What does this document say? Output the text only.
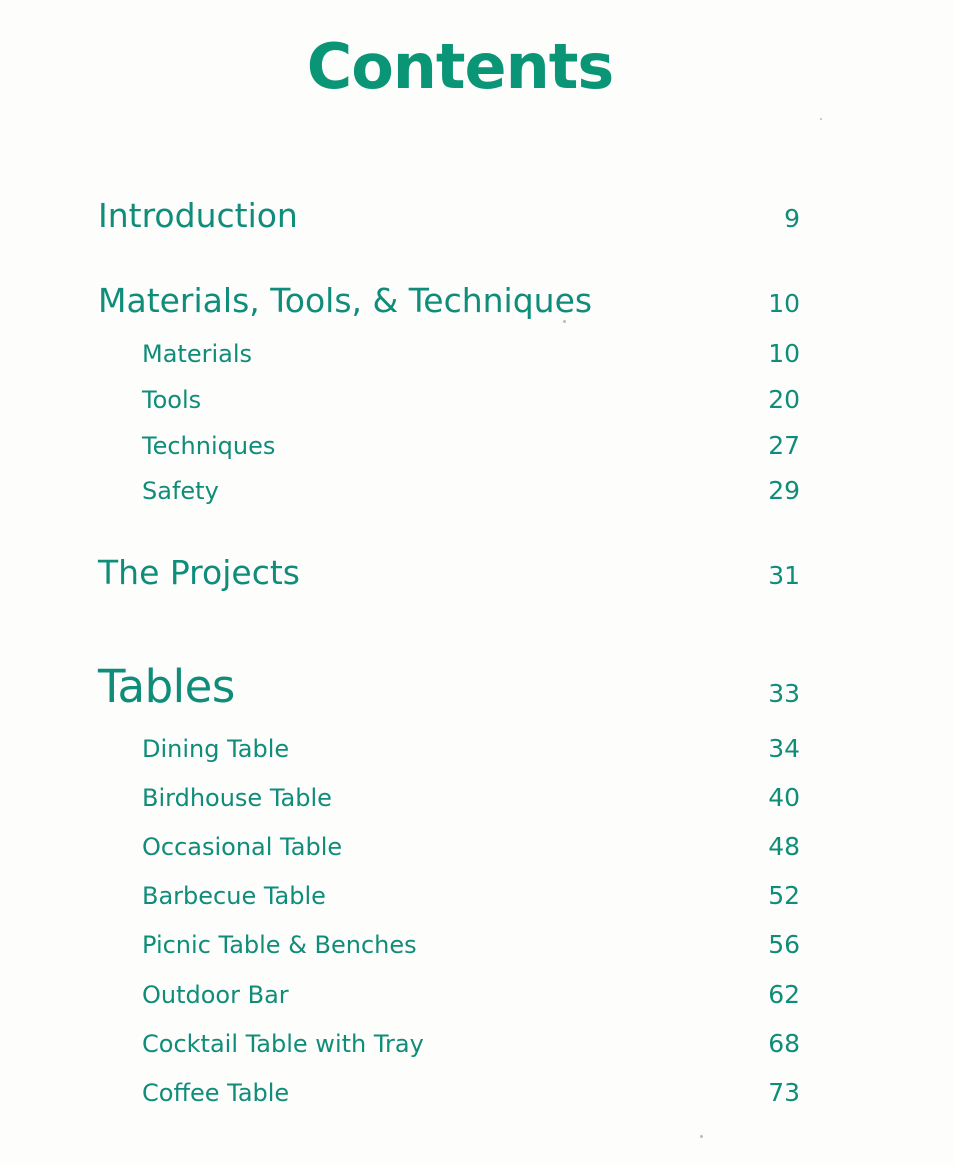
Contents
Introduction	9
Materials, Tools, & Techniques	10
Materials	10
Tools	20
Techniques	27
Safety	29
The Projects	31
Tables	33
Dining Table	34
Birdhouse Table	40
Occasional Table	48
Barbecue Table	52
Picnic Table & Benches	56
Outdoor Bar	62
Cocktail Table with Tray	68
Coffee Table	73
